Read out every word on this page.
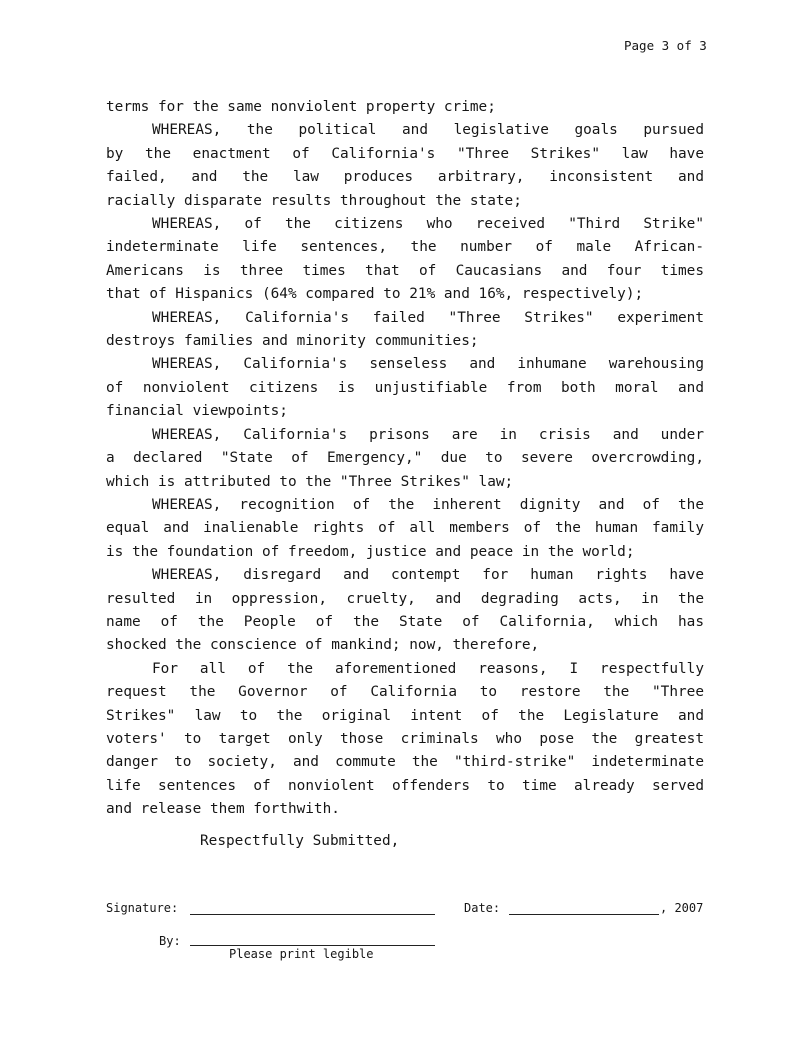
Page 3 of 3

terms for the same nonviolent property crime;

WHEREAS, the political and legislative goals pursued

by the enactment of California's "Three Strikes" law have

failed, and the law produces arbitrary, inconsistent and

racially disparate results throughout the state;

WHEREAS, of the citizens who received "Third Strike"

indeterminate life sentences, the number of male African-

Americans is three times that of Caucasians and four times

that of Hispanics (64% compared to 21% and 16%, respectively);

WHEREAS, California's failed "Three Strikes" experiment

destroys families and minority communities;

WHEREAS, California's senseless and inhumane warehousing

of nonviolent citizens is unjustifiable from both moral and

financial viewpoints;

WHEREAS, California's prisons are in crisis and under

a declared "State of Emergency," due to severe overcrowding,

which is attributed to the "Three Strikes" law;

WHEREAS, recognition of the inherent dignity and of the

equal and inalienable rights of all members of the human family

is the foundation of freedom, justice and peace in the world;

WHEREAS, disregard and contempt for human rights have

resulted in oppression, cruelty, and degrading acts, in the

name of the People of the State of California, which has

shocked the conscience of mankind; now, therefore,

For all of the aforementioned reasons, I respectfully

request the Governor of California to restore the "Three

Strikes" law to the original intent of the Legislature and

voters' to target only those criminals who pose the greatest

danger to society, and commute the "third-strike" indeterminate

life sentences of nonviolent offenders to time already served

and release them forthwith.

Respectfully Submitted,
Signature:	Date:	, 2007
By:
Please print legible
